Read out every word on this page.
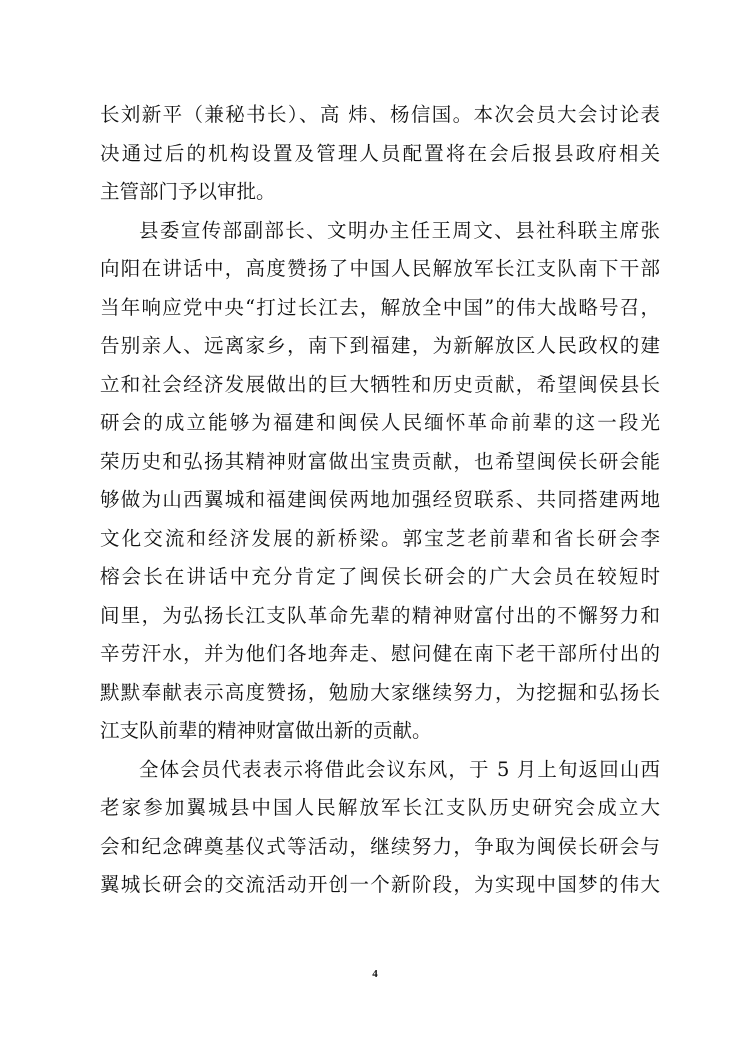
长刘新平（兼秘书长）、高 炜、杨信国。本次会员大会讨论表
决通过后的机构设置及管理人员配置将在会后报县政府相关
主管部门予以审批。
县委宣传部副部长、文明办主任王周文、县社科联主席张
向阳在讲话中，高度赞扬了中国人民解放军长江支队南下干部
当年响应党中央“打过长江去，解放全中国”的伟大战略号召，
告别亲人、远离家乡，南下到福建，为新解放区人民政权的建
立和社会经济发展做出的巨大牺牲和历史贡献，希望闽侯县长
研会的成立能够为福建和闽侯人民缅怀革命前辈的这一段光
荣历史和弘扬其精神财富做出宝贵贡献，也希望闽侯长研会能
够做为山西翼城和福建闽侯两地加强经贸联系、共同搭建两地
文化交流和经济发展的新桥梁。郭宝芝老前辈和省长研会李
榕会长在讲话中充分肯定了闽侯长研会的广大会员在较短时
间里，为弘扬长江支队革命先辈的精神财富付出的不懈努力和
辛劳汗水，并为他们各地奔走、慰问健在南下老干部所付出的
默默奉献表示高度赞扬，勉励大家继续努力，为挖掘和弘扬长
江支队前辈的精神财富做出新的贡献。
全体会员代表表示将借此会议东风，于 5 月上旬返回山西
老家参加翼城县中国人民解放军长江支队历史研究会成立大
会和纪念碑奠基仪式等活动，继续努力，争取为闽侯长研会与
翼城长研会的交流活动开创一个新阶段，为实现中国梦的伟大
4
